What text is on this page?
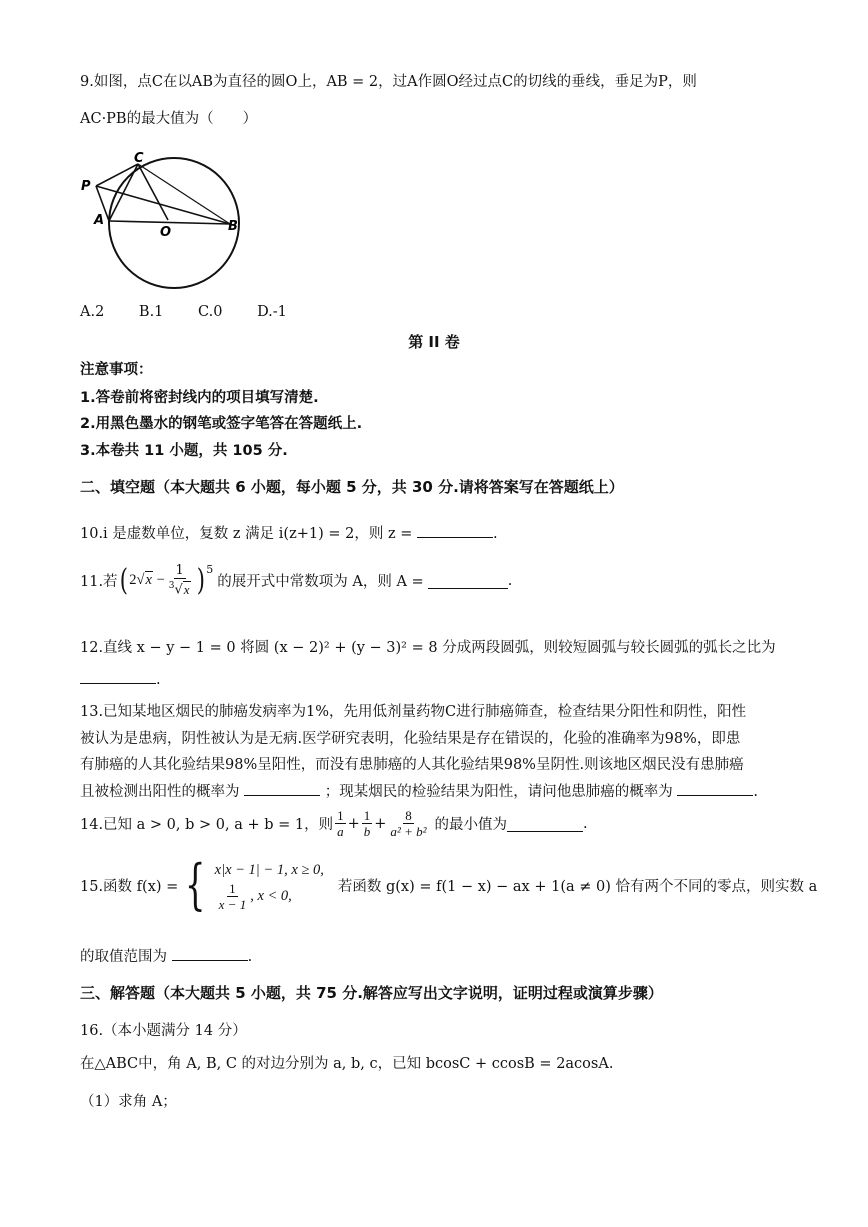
9.如图，点C在以AB为直径的圆O上，AB = 2，过A作圆O经过点C的切线的垂线，垂足为P，则
AC·PB的最大值为（　　）
C
P
A
O	B
A.2 B.1 C.0 D.-1
第 II 卷
注意事项：
1.答卷前将密封线内的项目填写清楚.
2.用黑色墨水的钢笔或签字笔答在答题纸上.
3.本卷共 11 小题，共 105 分.
二、填空题（本大题共 6 小题，每小题 5 分，共 30 分.请将答案写在答题纸上）
10.i 是虚数单位，复数 z 满足 i(z+1) = 2，则 z =	.
11.若 ( $2√x - \frac{1}{^3√x} )^5$
的展开式中常数项为 A，则 A =	.
12.直线 x − y − 1 = 0 将圆 (x − 2)² + (y − 3)² = 8 分成两段圆弧，则较短圆弧与较长圆弧的弧长之比为
.
13.已知某地区烟民的肺癌发病率为1%，先用低剂量药物C进行肺癌筛查，检查结果分阳性和阴性，阳性
被认为是患病，阴性被认为是无病.医学研究表明，化验结果是存在错误的，化验的准确率为98%，即患
有肺癌的人其化验结果98%呈阳性，而没有患肺癌的人其化验结果98%呈阴性.则该地区烟民没有患肺癌
且被检测出阳性的概率为	；现某烟民的检验结果为阳性，请问他患肺癌的概率为	.
14.已知 a > 0, b > 0, a + b = 1，则 $\frac{1}{a} + \frac{1}{b} + \frac{8}{\text{a² + b²}}$ 的最小值为	.
15.函数 f(x) = { x|x − 1| − 1, x ≥ 0,
$\frac{1}{x - 1}$ , x < 0,
若函数 g(x) = f(1 − x) − ax + 1(a ≠ 0) 恰有两个不同的零点，则实数 a
的取值范围为	.
三、解答题（本大题共 5 小题，共 75 分.解答应写出文字说明，证明过程或演算步骤）
16.（本小题满分 14 分）
在△ABC中，角 A, B, C 的对边分别为 a, b, c，已知 bcosC + ccosB = 2acosA.
（1）求角 A；
